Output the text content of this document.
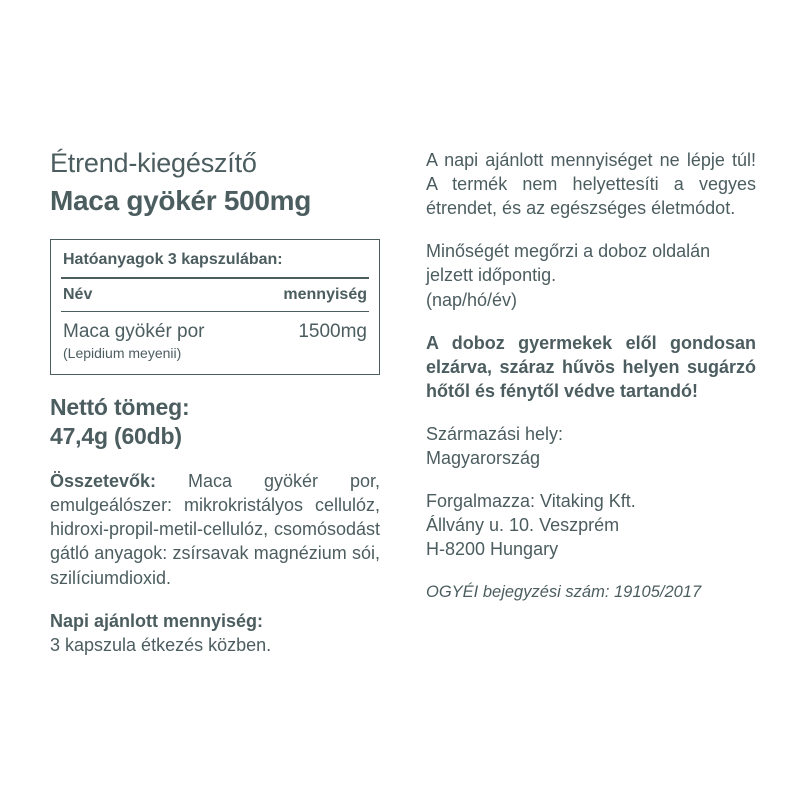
Étrend-kiegészítő
Maca gyökér 500mg
Hatóanyagok 3 kapszulában:
Név	mennyiség
Maca gyökér por
(Lepidium meyenii)
1500mg
Nettó tömeg:
47,4g (60db)
Összetevők: Maca gyökér por, emulgeálószer: mikrokristályos cellulóz, hidroxi-propil-metil-cellulóz, csomósodást gátló anyagok: zsírsavak magnézium sói, szilíciumdioxid.
Napi ajánlott mennyiség:
3 kapszula étkezés közben.
A napi ajánlott mennyiséget ne lépje túl! A termék nem helyettesíti a vegyes étrendet, és az egészséges életmódot.
Minőségét megőrzi a doboz oldalán jelzett időpontig.
(nap/hó/év)
A doboz gyermekek elől gondosan elzárva, száraz hűvös helyen sugárzó hőtől és fénytől védve tartandó!
Származási hely:
Magyarország
Forgalmazza: Vitaking Kft.
Állvány u. 10. Veszprém
H-8200 Hungary
OGYÉI bejegyzési szám: 19105/2017
